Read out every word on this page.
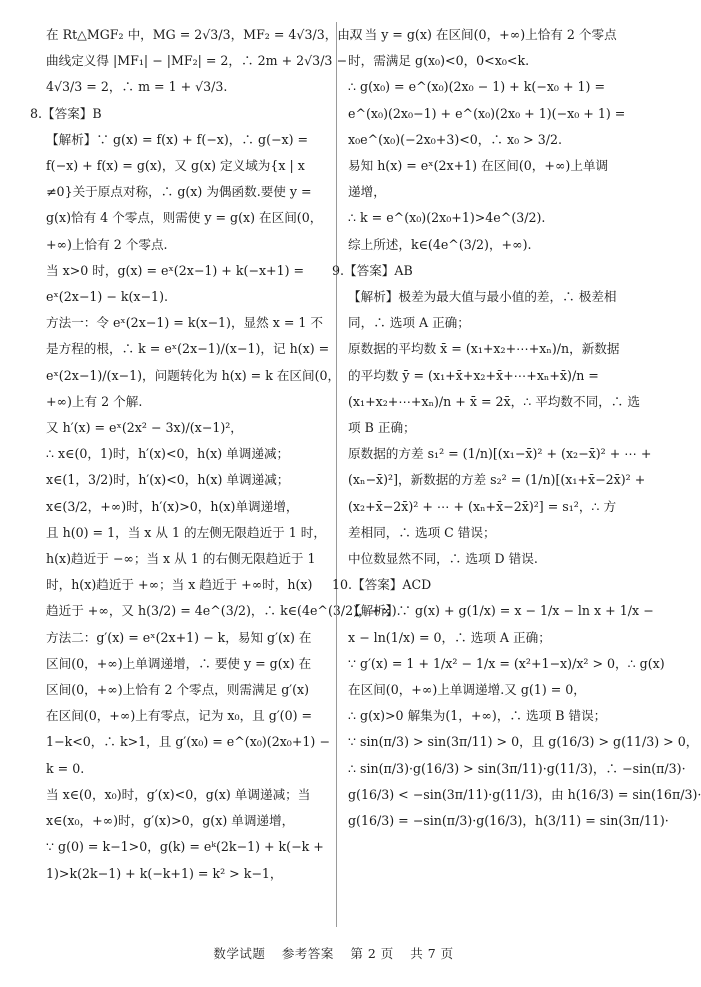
在 Rt△MGF₂ 中，MG = 2√3/3，MF₂ = 4√3/3，由双
曲线定义得 |MF₁| − |MF₂| = 2，∴ 2m + 2√3/3 −
4√3/3 = 2，∴ m = 1 + √3/3.
8.【答案】B
【解析】∵ g(x) = f(x) + f(−x)，∴ g(−x) =
f(−x) + f(x) = g(x)，又 g(x) 定义域为{x | x
≠0}关于原点对称，∴ g(x) 为偶函数.要使 y =
g(x)恰有 4 个零点，则需使 y = g(x) 在区间(0，
+∞)上恰有 2 个零点.
当 x>0 时，g(x) = eˣ(2x−1) + k(−x+1) =
eˣ(2x−1) − k(x−1).
方法一：令 eˣ(2x−1) = k(x−1)，显然 x = 1 不
是方程的根，∴ k = eˣ(2x−1)/(x−1)，记 h(x) =
eˣ(2x−1)/(x−1)，问题转化为 h(x) = k 在区间(0，
+∞)上有 2 个解.
又 h′(x) = eˣ(2x² − 3x)/(x−1)²，
∴ x∈(0，1)时，h′(x)<0，h(x) 单调递减；
x∈(1，3/2)时，h′(x)<0，h(x) 单调递减；
x∈(3/2，+∞)时，h′(x)>0，h(x)单调递增，
且 h(0) = 1，当 x 从 1 的左侧无限趋近于 1 时，
h(x)趋近于 −∞；当 x 从 1 的右侧无限趋近于 1
时，h(x)趋近于 +∞；当 x 趋近于 +∞时，h(x)
趋近于 +∞，又 h(3/2) = 4e^(3/2)，∴ k∈(4e^(3/2)，+∞).
方法二：g′(x) = eˣ(2x+1) − k，易知 g′(x) 在
区间(0，+∞)上单调递增，∴ 要使 y = g(x) 在
区间(0，+∞)上恰有 2 个零点，则需满足 g′(x)
在区间(0，+∞)上有零点，记为 x₀，且 g′(0) =
1−k<0，∴ k>1，且 g′(x₀) = e^(x₀)(2x₀+1) −
k = 0.
当 x∈(0，x₀)时，g′(x)<0，g(x) 单调递减；当
x∈(x₀，+∞)时，g′(x)>0，g(x) 单调递增，
∵ g(0) = k−1>0，g(k) = eᵏ(2k−1) + k(−k +
1)>k(2k−1) + k(−k+1) = k² > k−1，
∴ 当 y = g(x) 在区间(0，+∞)上恰有 2 个零点
时，需满足 g(x₀)<0，0<x₀<k.
∴ g(x₀) = e^(x₀)(2x₀ − 1) + k(−x₀ + 1) =
e^(x₀)(2x₀−1) + e^(x₀)(2x₀ + 1)(−x₀ + 1) =
x₀e^(x₀)(−2x₀+3)<0，∴ x₀ > 3/2.
易知 h(x) = eˣ(2x+1) 在区间(0，+∞)上单调
递增，
∴ k = e^(x₀)(2x₀+1)>4e^(3/2).
综上所述，k∈(4e^(3/2)，+∞).
9.【答案】AB
【解析】极差为最大值与最小值的差，∴ 极差相
同，∴ 选项 A 正确；
原数据的平均数 x̄ = (x₁+x₂+⋯+xₙ)/n，新数据
的平均数 ȳ = (x₁+x̄+x₂+x̄+⋯+xₙ+x̄)/n =
(x₁+x₂+⋯+xₙ)/n + x̄ = 2x̄，∴ 平均数不同，∴ 选
项 B 正确；
原数据的方差 s₁² = (1/n)[(x₁−x̄)² + (x₂−x̄)² + ⋯ +
(xₙ−x̄)²]，新数据的方差 s₂² = (1/n)[(x₁+x̄−2x̄)² +
(x₂+x̄−2x̄)² + ⋯ + (xₙ+x̄−2x̄)²] = s₁²，∴ 方
差相同，∴ 选项 C 错误；
中位数显然不同，∴ 选项 D 错误.
10.【答案】ACD
【解析】∵ g(x) + g(1/x) = x − 1/x − ln x + 1/x −
x − ln(1/x) = 0，∴ 选项 A 正确；
∵ g′(x) = 1 + 1/x² − 1/x = (x²+1−x)/x² > 0，∴ g(x)
在区间(0，+∞)上单调递增.又 g(1) = 0，
∴ g(x)>0 解集为(1，+∞)，∴ 选项 B 错误；
∵ sin(π/3) > sin(3π/11) > 0，且 g(16/3) > g(11/3) > 0，
∴ sin(π/3)·g(16/3) > sin(3π/11)·g(11/3)，∴ −sin(π/3)·
g(16/3) < −sin(3π/11)·g(11/3)，由 h(16/3) = sin(16π/3)·
g(16/3) = −sin(π/3)·g(16/3)，h(3/11) = sin(3π/11)·
数学试题 参考答案 第 2 页 共 7 页
